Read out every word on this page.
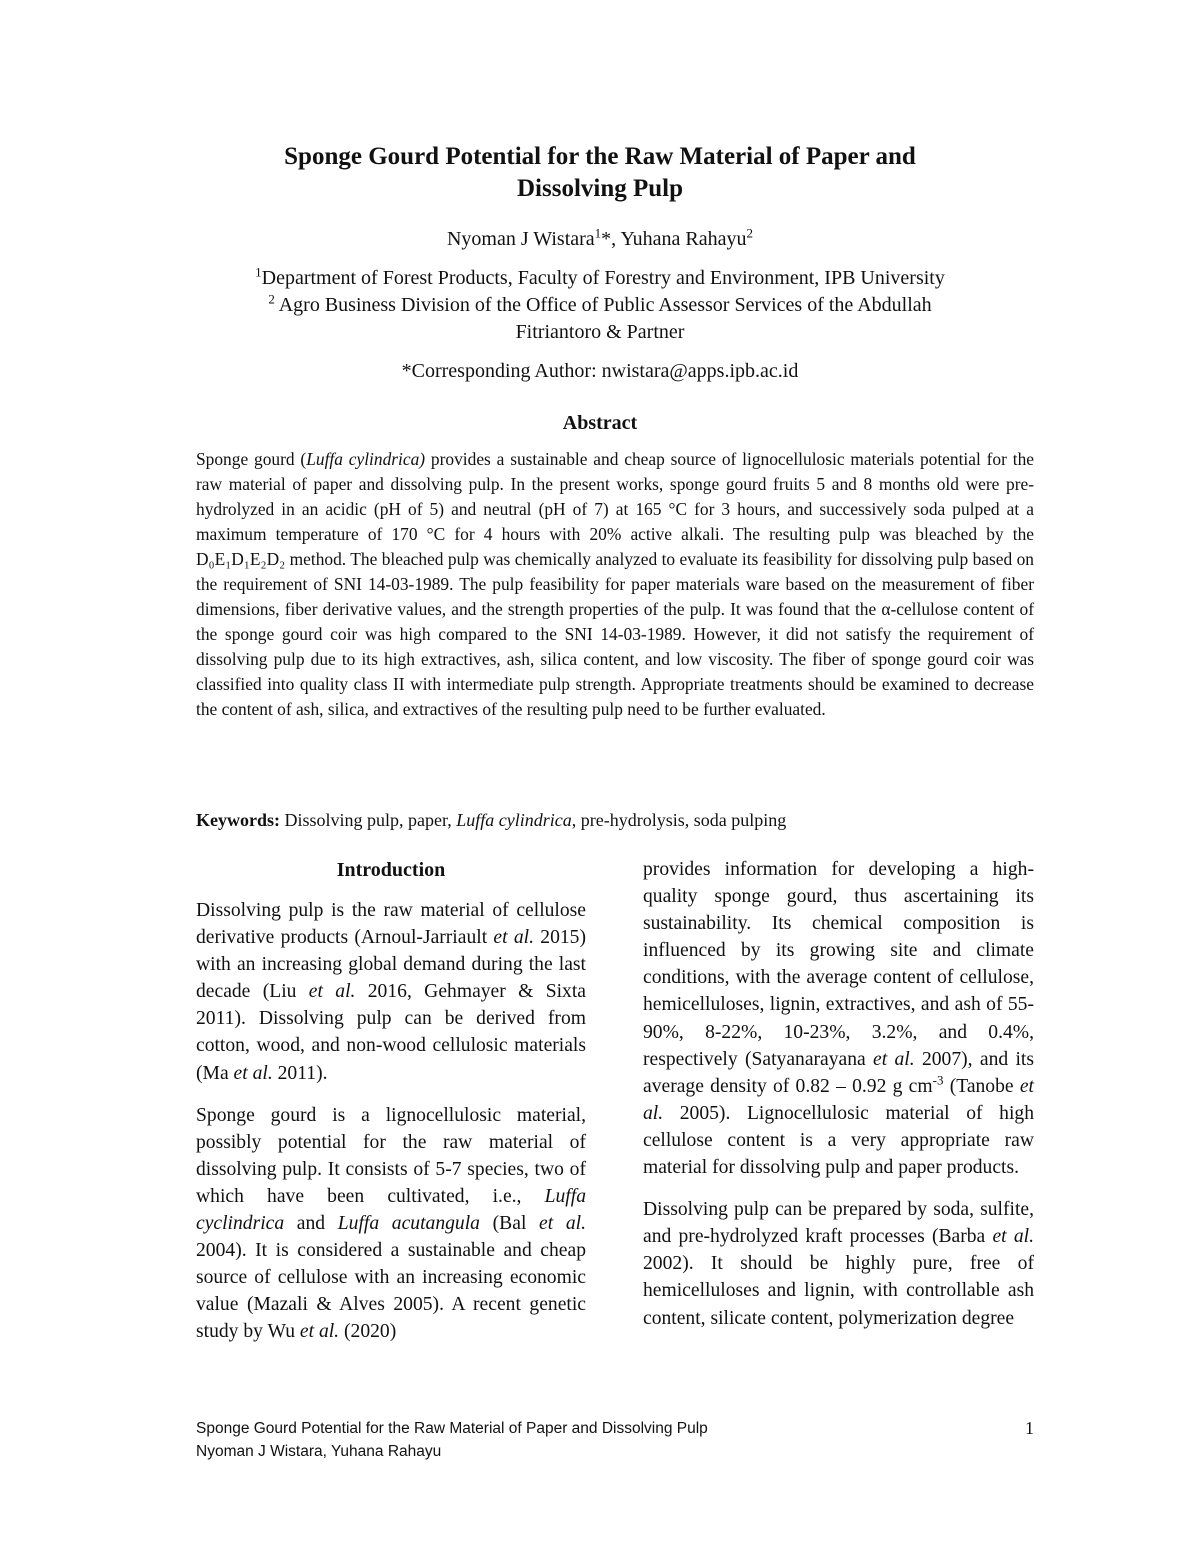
Sponge Gourd Potential for the Raw Material of Paper and
Dissolving Pulp
Nyoman J Wistara$^1$*, Yuhana Rahayu$^2$
$^1$Department of Forest Products, Faculty of Forestry and Environment, IPB University
$^2$ Agro Business Division of the Office of Public Assessor Services of the Abdullah
Fitriantoro & Partner
*Corresponding Author: nwistara@apps.ipb.ac.id
Abstract

Sponge gourd (Luffa cylindrica) provides a sustainable and cheap source of lignocellulosic materials potential for the raw material of paper and dissolving pulp. In the present works, sponge gourd fruits 5 and 8 months old were pre-hydrolyzed in an acidic (pH of 5) and neutral (pH of 7) at 165 °C for 3 hours, and successively soda pulped at a maximum temperature of 170 °C for 4 hours with 20% active alkali. The resulting pulp was bleached by the D₀E₁D₁E₂D₂ method. The bleached pulp was chemically analyzed to evaluate its feasibility for dissolving pulp based on the requirement of SNI 14-03-1989. The pulp feasibility for paper materials ware based on the measurement of fiber dimensions, fiber derivative values, and the strength properties of the pulp. It was found that the α-cellulose content of the sponge gourd coir was high compared to the SNI 14-03-1989. However, it did not satisfy the requirement of dissolving pulp due to its high extractives, ash, silica content, and low viscosity. The fiber of sponge gourd coir was classified into quality class II with intermediate pulp strength. Appropriate treatments should be examined to decrease the content of ash, silica, and extractives of the resulting pulp need to be further evaluated.

Keywords: Dissolving pulp, paper, Luffa cylindrica, pre-hydrolysis, soda pulping
Introduction

Dissolving pulp is the raw material of cellulose derivative products (Arnoul-Jarriault et al. 2015) with an increasing global demand during the last decade (Liu et al. 2016, Gehmayer & Sixta 2011). Dissolving pulp can be derived from cotton, wood, and non-wood cellulosic materials (Ma et al. 2011).

Sponge gourd is a lignocellulosic material, possibly potential for the raw material of dissolving pulp. It consists of 5-7 species, two of which have been cultivated, i.e., Luffa cyclindrica and Luffa acutangula (Bal et al. 2004). It is considered a sustainable and cheap source of cellulose with an increasing economic value (Mazali & Alves 2005). A recent genetic study by Wu et al. (2020)

provides information for developing a high-quality sponge gourd, thus ascertaining its sustainability. Its chemical composition is influenced by its growing site and climate conditions, with the average content of cellulose, hemicelluloses, lignin, extractives, and ash of 55-90%, 8-22%, 10-23%, 3.2%, and 0.4%, respectively (Satyanarayana et al. 2007), and its average density of 0.82 – 0.92 g $cm^{-3}$ (Tanobe et al. 2005). Lignocellulosic material of high cellulose content is a very appropriate raw material for dissolving pulp and paper products.

Dissolving pulp can be prepared by soda, sulfite, and pre-hydrolyzed kraft processes (Barba et al. 2002). It should be highly pure, free of hemicelluloses and lignin, with controllable ash content, silicate content, polymerization degree

Sponge Gourd Potential for the Raw Material of Paper and Dissolving Pulp
Nyoman J Wistara, Yuhana Rahayu
1
